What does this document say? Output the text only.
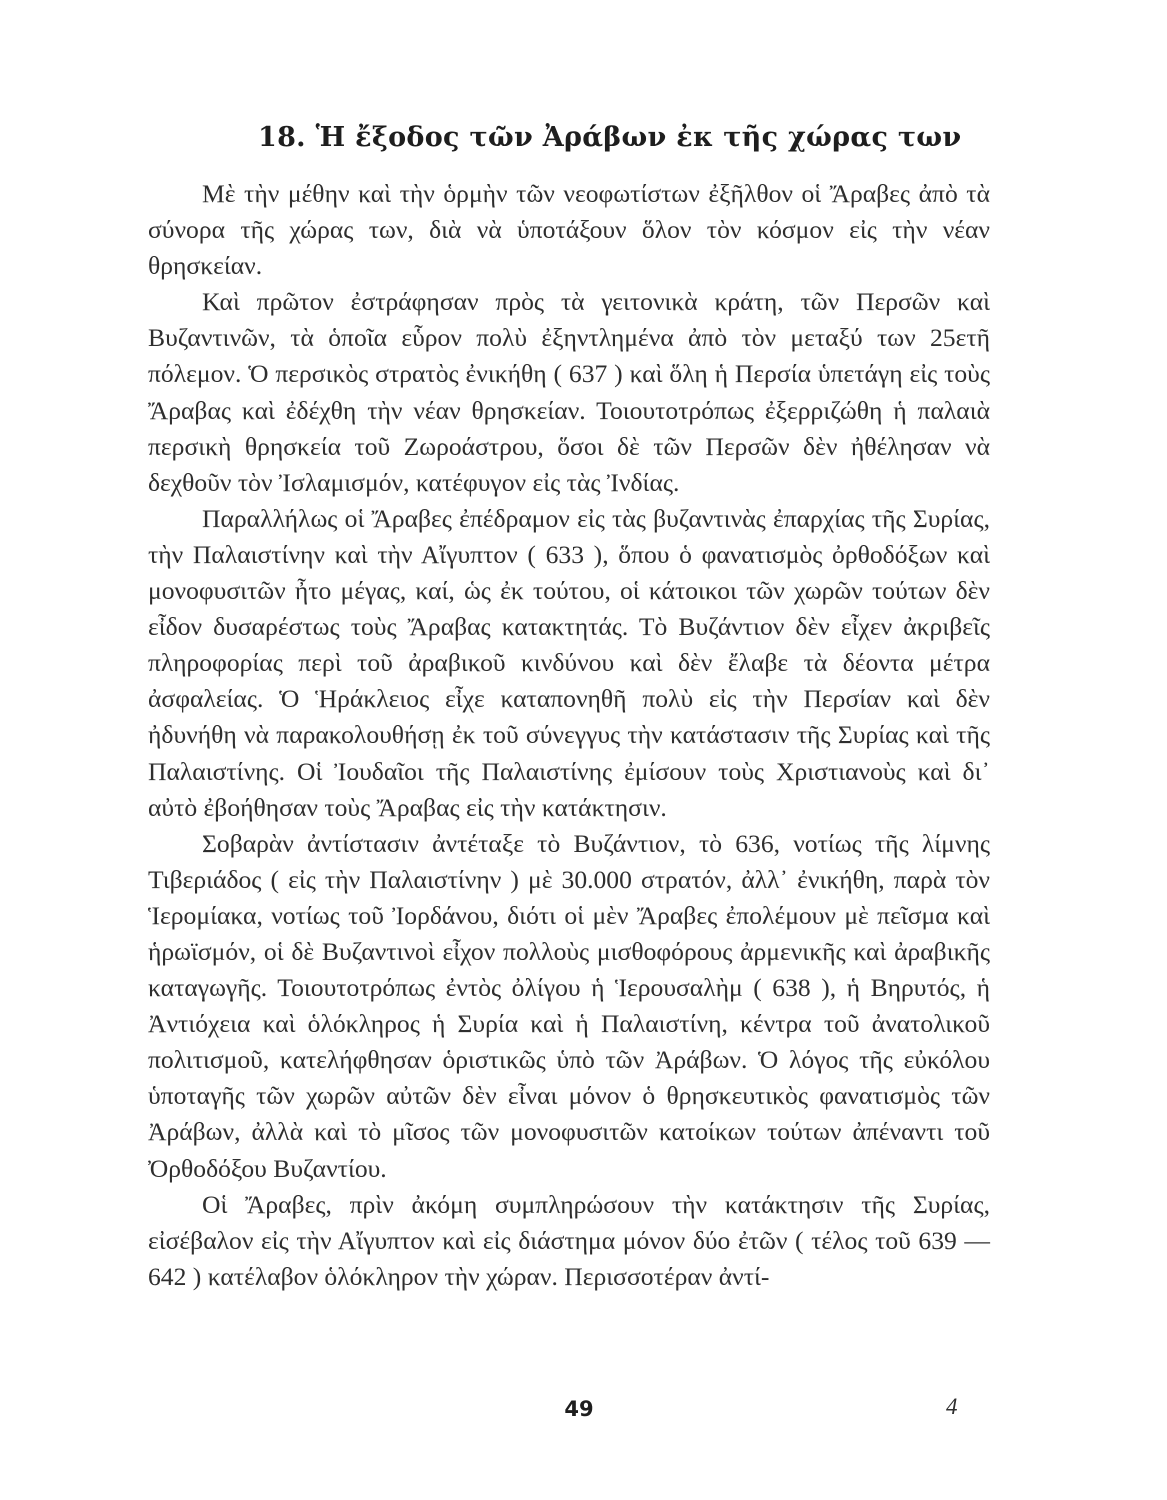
18. Ἡ ἔξοδος τῶν Ἀράβων ἐκ τῆς χώρας των

Μὲ τὴν μέθην καὶ τὴν ὁρμὴν τῶν νεοφωτίστων ἐξῆλθον οἱ Ἄραβες ἀπὸ τὰ σύνορα τῆς χώρας των, διὰ νὰ ὑποτάξουν ὅλον τὸν κόσμον εἰς τὴν νέαν θρησκείαν.

Καὶ πρῶτον ἐστράφησαν πρὸς τὰ γειτονικὰ κράτη, τῶν Περσῶν καὶ Βυζαντινῶν, τὰ ὁποῖα εὗρον πολὺ ἐξηντλημένα ἀπὸ τὸν μεταξύ των 25ετῆ πόλεμον. Ὁ περσικὸς στρατὸς ἐνικήθη ( 637 ) καὶ ὅλη ἡ Περσία ὑπετάγη εἰς τοὺς Ἄραβας καὶ ἐδέχθη τὴν νέαν θρησκείαν. Τοιουτοτρόπως ἐξερριζώθη ἡ παλαιὰ περσικὴ θρησκεία τοῦ Ζωροάστρου, ὅσοι δὲ τῶν Περσῶν δὲν ἠθέλησαν νὰ δεχθοῦν τὸν Ἰσλαμισμόν, κατέφυγον εἰς τὰς Ἰνδίας.

Παραλλήλως οἱ Ἄραβες ἐπέδραμον εἰς τὰς βυζαντινὰς ἐπαρχίας τῆς Συρίας, τὴν Παλαιστίνην καὶ τὴν Αἴγυπτον ( 633 ), ὅπου ὁ φανατισμὸς ὀρθοδόξων καὶ μονοφυσιτῶν ἦτο μέγας, καί, ὡς ἐκ τούτου, οἱ κάτοικοι τῶν χωρῶν τούτων δὲν εἶδον δυσαρέστως τοὺς Ἄραβας κατακτητάς. Τὸ Βυζάντιον δὲν εἶχεν ἀκριβεῖς πληροφορίας περὶ τοῦ ἀραβικοῦ κινδύνου καὶ δὲν ἔλαβε τὰ δέοντα μέτρα ἀσφαλείας. Ὁ Ἡράκλειος εἶχε καταπονηθῆ πολὺ εἰς τὴν Περσίαν καὶ δὲν ἠδυνήθη νὰ παρακολουθήσῃ ἐκ τοῦ σύνεγγυς τὴν κατάστασιν τῆς Συρίας καὶ τῆς Παλαιστίνης. Οἱ Ἰουδαῖοι τῆς Παλαιστίνης ἐμίσουν τοὺς Χριστιανοὺς καὶ δι᾽ αὐτὸ ἐβοήθησαν τοὺς Ἄραβας εἰς τὴν κατάκτησιν.

Σοβαρὰν ἀντίστασιν ἀντέταξε τὸ Βυζάντιον, τὸ 636, νοτίως τῆς λίμνης Τιβεριάδος ( εἰς τὴν Παλαιστίνην ) μὲ 30.000 στρατόν, ἀλλ᾽ ἐνικήθη, παρὰ τὸν Ἱερομίακα, νοτίως τοῦ Ἰορδάνου, διότι οἱ μὲν Ἄραβες ἐπολέμουν μὲ πεῖσμα καὶ ἡρωϊσμόν, οἱ δὲ Βυζαντινοὶ εἶχον πολλοὺς μισθοφόρους ἀρμενικῆς καὶ ἀραβικῆς καταγωγῆς. Τοιουτοτρόπως ἐντὸς ὀλίγου ἡ Ἱερουσαλὴμ ( 638 ), ἡ Βηρυτός, ἡ Ἀντιόχεια καὶ ὁλόκληρος ἡ Συρία καὶ ἡ Παλαιστίνη, κέντρα τοῦ ἀνατολικοῦ πολιτισμοῦ, κατελήφθησαν ὁριστικῶς ὑπὸ τῶν Ἀράβων. Ὁ λόγος τῆς εὐκόλου ὑποταγῆς τῶν χωρῶν αὐτῶν δὲν εἶναι μόνον ὁ θρησκευτικὸς φανατισμὸς τῶν Ἀράβων, ἀλλὰ καὶ τὸ μῖσος τῶν μονοφυσιτῶν κατοίκων τούτων ἀπέναντι τοῦ Ὀρθοδόξου Βυζαντίου.

Οἱ Ἄραβες, πρὶν ἀκόμη συμπληρώσουν τὴν κατάκτησιν τῆς Συρίας, εἰσέβαλον εἰς τὴν Αἴγυπτον καὶ εἰς διάστημα μόνον δύο ἐτῶν ( τέλος τοῦ 639 — 642 ) κατέλαβον ὁλόκληρον τὴν χώραν. Περισσοτέραν ἀντί-

49	4
